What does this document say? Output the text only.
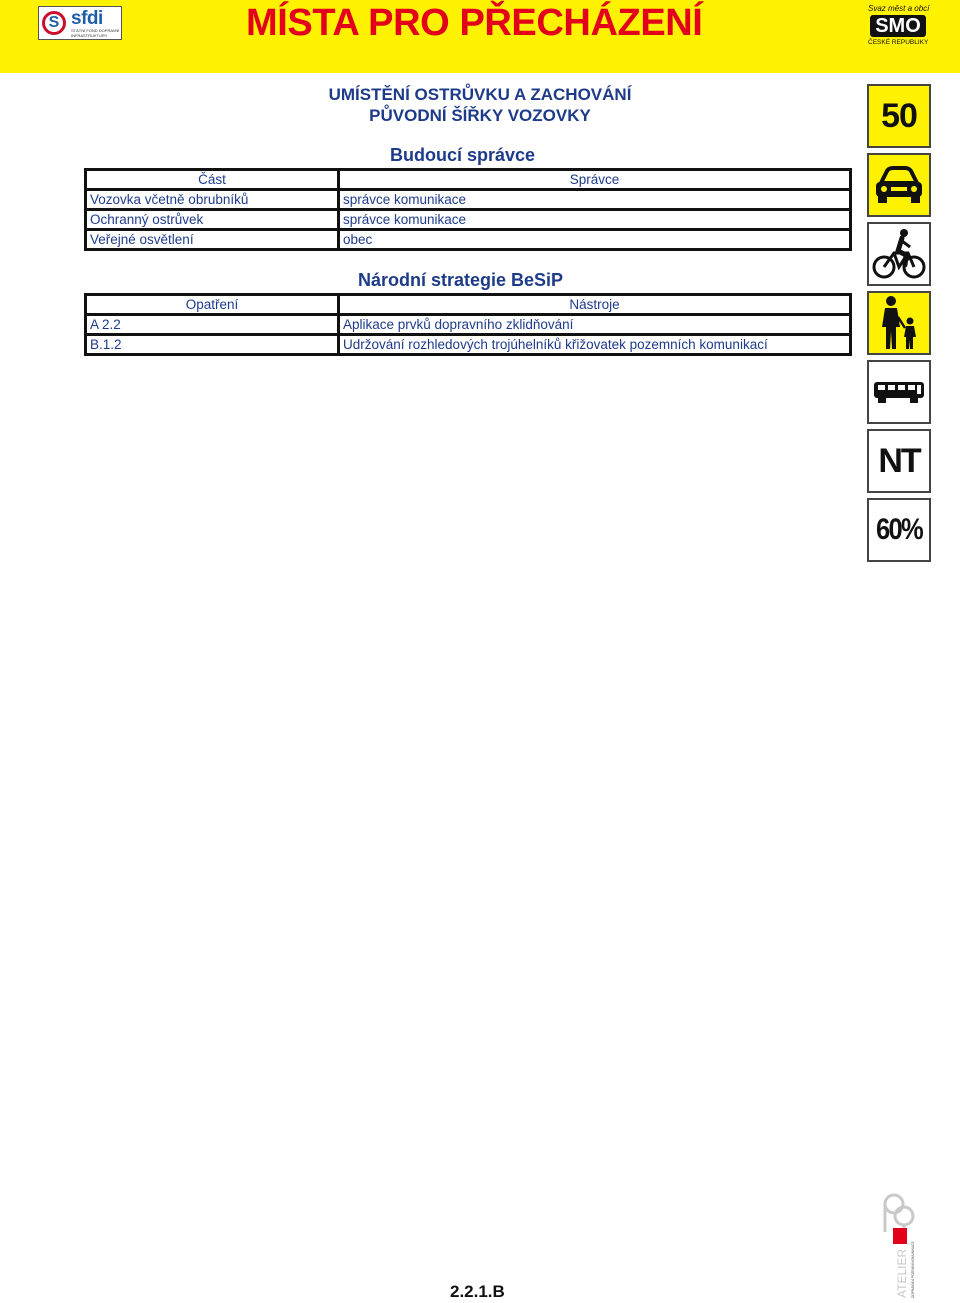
S sfdi
STÁTNÍ FOND DOPRAVNÍ INFRASTRUKTURY	MÍSTA PRO PŘECHÁZENÍ	Svaz měst a obcí
SMO
ČESKÉ REPUBLIKY
UMÍSTĚNÍ OSTRŮVKU A ZACHOVÁNÍ
PŮVODNÍ ŠÍŘKY VOZOVKY
Budoucí správce
Část	Správce
Vozovka včetně obrubníků	správce komunikace
Ochranný ostrůvek	správce komunikace
Veřejné osvětlení	obec
Národní strategie BeSiP
Opatření	Nástroje
A 2.2	Aplikace prvků dopravního zklidňování
B.1.2	Udržování rozhledových trojúhelníků křižovatek pozemních komunikací
50
NT
60%
2.2.1.B	ATELIER DOPRAVNÍ A POZEMNÍ KOMUNIKACE
